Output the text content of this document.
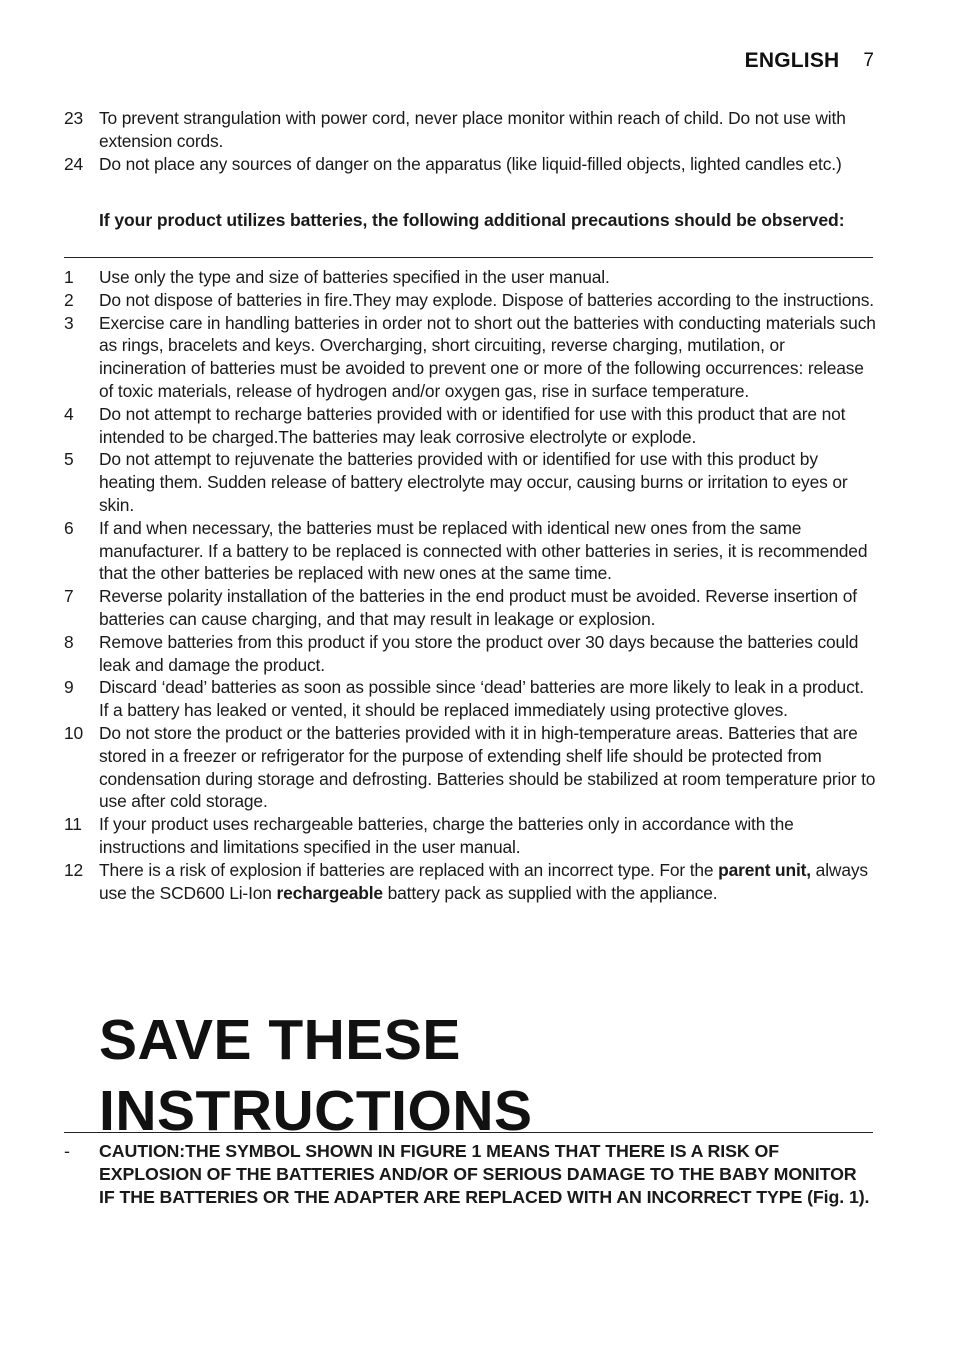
ENGLISH 7
23 To prevent strangulation with power cord, never place monitor within reach of child. Do not use with extension cords.
24 Do not place any sources of danger on the apparatus (like liquid-filled objects, lighted candles etc.)
If your product utilizes batteries, the following additional precautions should be observed:
1	Use only the type and size of batteries specified in the user manual.
2	Do not dispose of batteries in fire.They may explode. Dispose of batteries according to the instructions.
3	Exercise care in handling batteries in order not to short out the batteries with conducting materials such as rings, bracelets and keys. Overcharging, short circuiting, reverse charging, mutilation, or incineration of batteries must be avoided to prevent one or more of the following occurrences: release of toxic materials, release of hydrogen and/or oxygen gas, rise in surface temperature.
4	Do not attempt to recharge batteries provided with or identified for use with this product that are not intended to be charged.The batteries may leak corrosive electrolyte or explode.
5	Do not attempt to rejuvenate the batteries provided with or identified for use with this product by heating them. Sudden release of battery electrolyte may occur, causing burns or irritation to eyes or skin.
6	If and when necessary, the batteries must be replaced with identical new ones from the same manufacturer. If a battery to be replaced is connected with other batteries in series, it is recommended that the other batteries be replaced with new ones at the same time.
7	Reverse polarity installation of the batteries in the end product must be avoided. Reverse insertion of batteries can cause charging, and that may result in leakage or explosion.
8	Remove batteries from this product if you store the product over 30 days because the batteries could leak and damage the product.
9	Discard ‘dead’ batteries as soon as possible since ‘dead’ batteries are more likely to leak in a product. If a battery has leaked or vented, it should be replaced immediately using protective gloves.
10 Do not store the product or the batteries provided with it in high-temperature areas. Batteries that are stored in a freezer or refrigerator for the purpose of extending shelf life should be protected from condensation during storage and defrosting. Batteries should be stabilized at room temperature prior to use after cold storage.
11 If your product uses rechargeable batteries, charge the batteries only in accordance with the instructions and limitations specified in the user manual.
12 There is a risk of explosion if batteries are replaced with an incorrect type. For the parent unit, always use the SCD600 Li-Ion rechargeable battery pack as supplied with the appliance.
SAVE THESE INSTRUCTIONS
-	CAUTION:THE SYMBOL SHOWN IN FIGURE 1 MEANS THAT THERE IS A RISK OF EXPLOSION OF THE BATTERIES AND/OR OF SERIOUS DAMAGE TO THE BABY MONITOR IF THE BATTERIES OR THE ADAPTER ARE REPLACED WITH AN INCORRECT TYPE (Fig. 1).
